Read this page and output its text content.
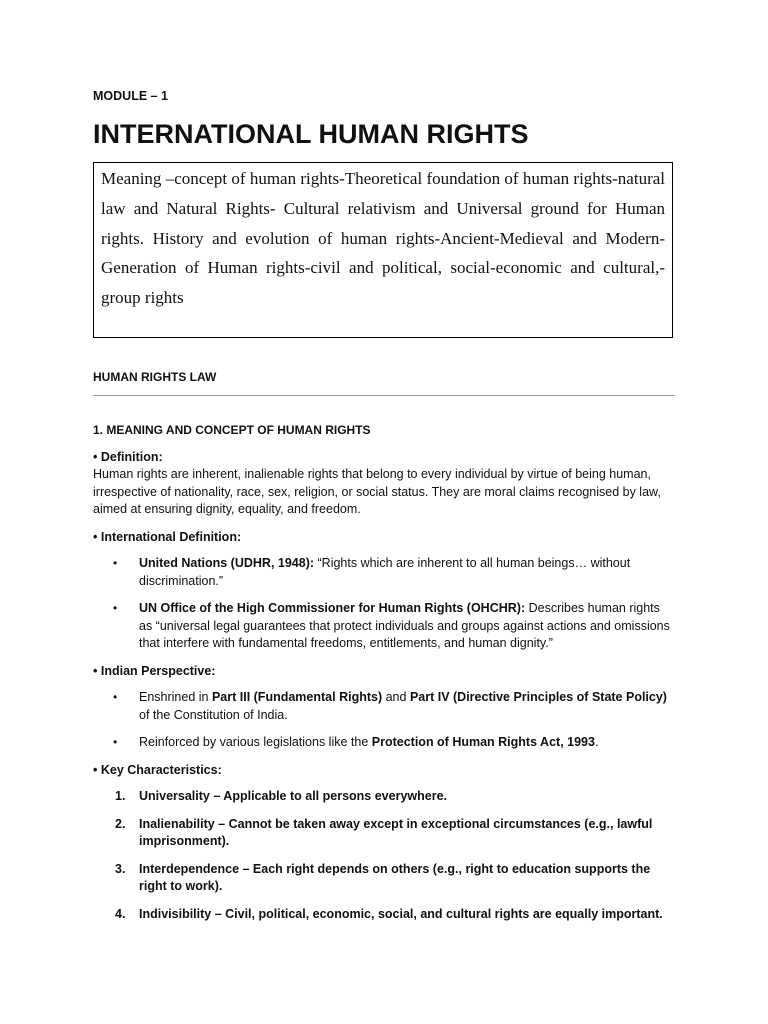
MODULE – 1
INTERNATIONAL HUMAN RIGHTS

Meaning –concept of human rights-Theoretical foundation of human rights-natural law and Natural Rights- Cultural relativism and Universal ground for Human rights. History and evolution of human rights-Ancient-Medieval and Modern-Generation of Human rights-civil and political, social-economic and cultural,-group rights

HUMAN RIGHTS LAW

1. MEANING AND CONCEPT OF HUMAN RIGHTS

• Definition:

Human rights are inherent, inalienable rights that belong to every individual by virtue of being human, irrespective of nationality, race, sex, religion, or social status. They are moral claims recognised by law, aimed at ensuring dignity, equality, and freedom.

• International Definition:

• United Nations (UDHR, 1948): “Rights which are inherent to all human beings… without discrimination.”
• UN Office of the High Commissioner for Human Rights (OHCHR): Describes human rights as “universal legal guarantees that protect individuals and groups against actions and omissions that interfere with fundamental freedoms, entitlements, and human dignity.”

• Indian Perspective:

• Enshrined in Part III (Fundamental Rights) and Part IV (Directive Principles of State Policy) of the Constitution of India.
• Reinforced by various legislations like the Protection of Human Rights Act, 1993.

• Key Characteristics:

1. Universality – Applicable to all persons everywhere.
2. Inalienability – Cannot be taken away except in exceptional circumstances (e.g., lawful imprisonment).
3. Interdependence – Each right depends on others (e.g., right to education supports the right to work).
4. Indivisibility – Civil, political, economic, social, and cultural rights are equally important.
